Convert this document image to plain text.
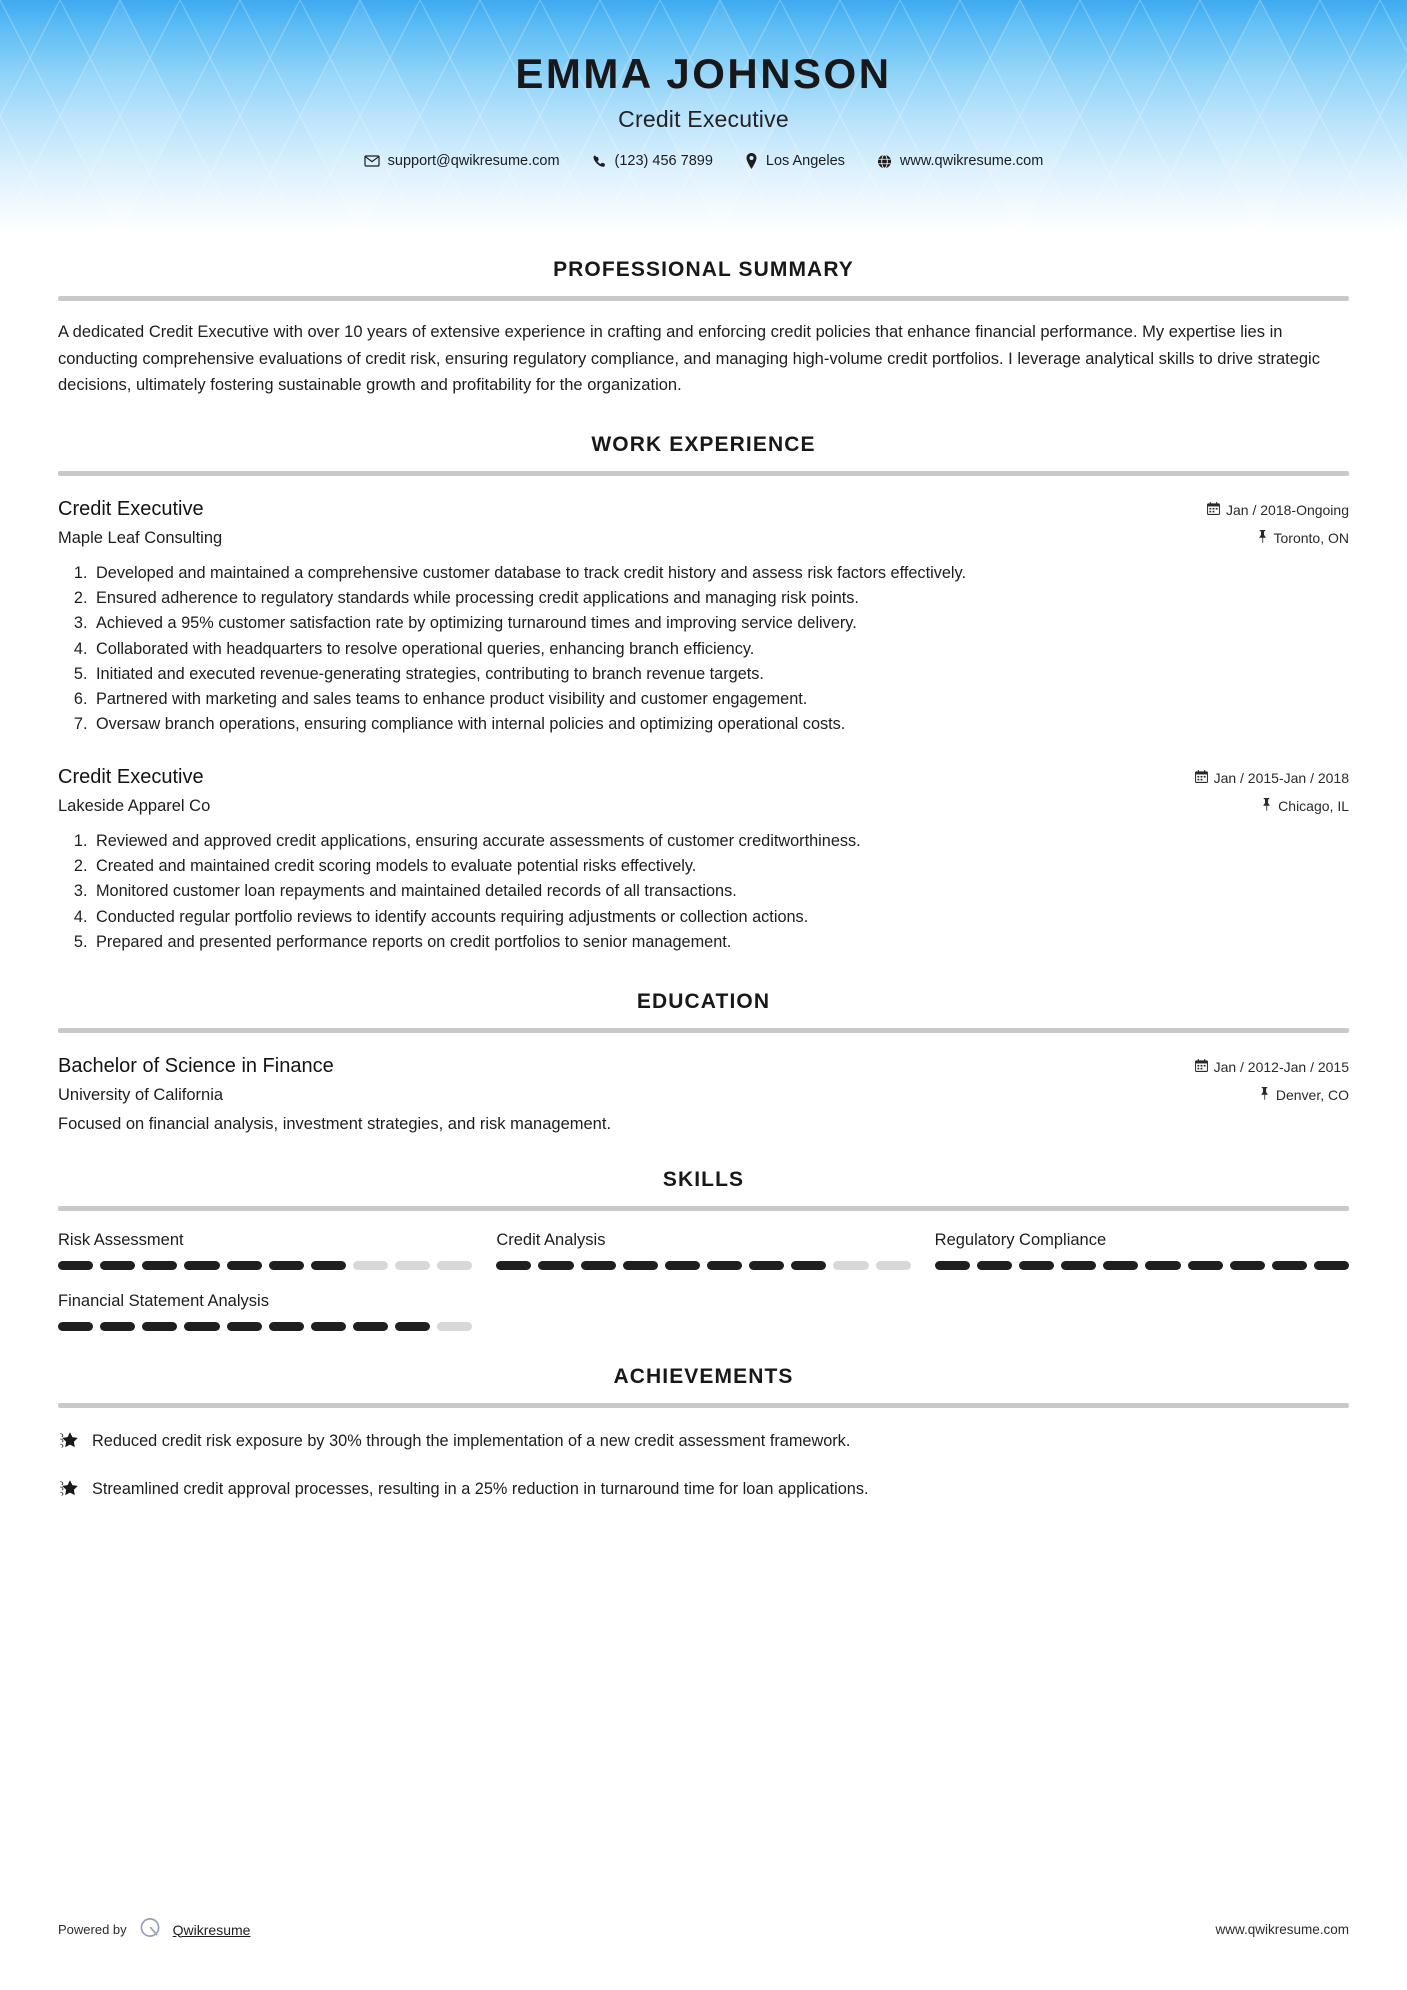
EMMA JOHNSON
Credit Executive
support@qwikresume.com	(123) 456 7899	Los Angeles	www.qwikresume.com
PROFESSIONAL SUMMARY
A dedicated Credit Executive with over 10 years of extensive experience in crafting and enforcing credit policies that enhance financial performance. My expertise lies in conducting comprehensive evaluations of credit risk, ensuring regulatory compliance, and managing high-volume credit portfolios. I leverage analytical skills to drive strategic decisions, ultimately fostering sustainable growth and profitability for the organization.
WORK EXPERIENCE
Credit Executive	Jan / 2018-Ongoing
Maple Leaf Consulting	Toronto, ON
1. Developed and maintained a comprehensive customer database to track credit history and assess risk factors effectively.
2. Ensured adherence to regulatory standards while processing credit applications and managing risk points.
3. Achieved a 95% customer satisfaction rate by optimizing turnaround times and improving service delivery.
4. Collaborated with headquarters to resolve operational queries, enhancing branch efficiency.
5. Initiated and executed revenue-generating strategies, contributing to branch revenue targets.
6. Partnered with marketing and sales teams to enhance product visibility and customer engagement.
7. Oversaw branch operations, ensuring compliance with internal policies and optimizing operational costs.
Credit Executive	Jan / 2015-Jan / 2018
Lakeside Apparel Co	Chicago, IL
1. Reviewed and approved credit applications, ensuring accurate assessments of customer creditworthiness.
2. Created and maintained credit scoring models to evaluate potential risks effectively.
3. Monitored customer loan repayments and maintained detailed records of all transactions.
4. Conducted regular portfolio reviews to identify accounts requiring adjustments or collection actions.
5. Prepared and presented performance reports on credit portfolios to senior management.
EDUCATION
Bachelor of Science in Finance	Jan / 2012-Jan / 2015
University of California	Denver, CO
Focused on financial analysis, investment strategies, and risk management.
SKILLS
Risk Assessment	Credit Analysis	Regulatory Compliance
Financial Statement Analysis
ACHIEVEMENTS
Reduced credit risk exposure by 30% through the implementation of a new credit assessment framework.
Streamlined credit approval processes, resulting in a 25% reduction in turnaround time for loan applications.
Powered by	Qwikresume	www.qwikresume.com
